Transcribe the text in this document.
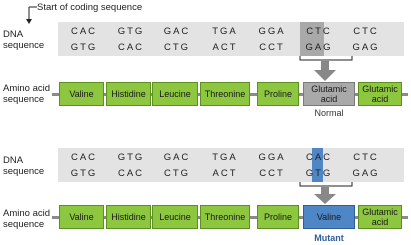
Start of coding sequence
DNA
sequence
CAC	GTG	GAC	TGA	GGA	CTC	CTC
GTG	CAC	CTG	ACT	CCT	GAG	GAG
Amino acid
sequence	Valine	Histidine	Leucine	Threonine	Proline	Glutamic acid
Glutamic acid
Normal
DNA
sequence
CAC	GTG	GAC	TGA	GGA	CAC	CTC
GTG	CAC	CTG	ACT	CCT	GTG	GAG
Amino acid
sequence
Valine	Histidine	Leucine	Threonine	Proline	Valine	Glutamic acid
Mutant
